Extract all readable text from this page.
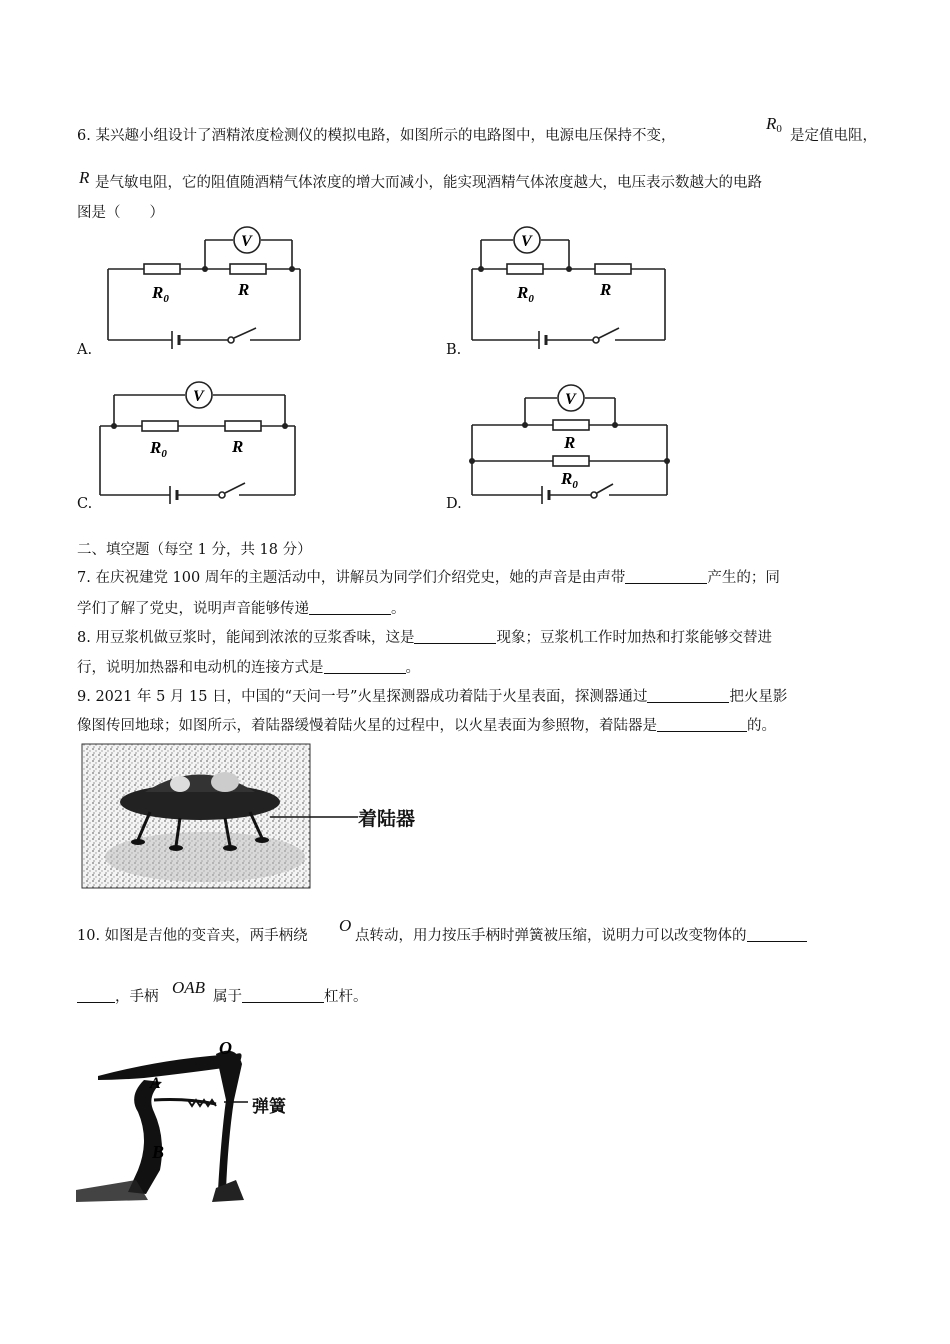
6. 某兴趣小组设计了酒精浓度检测仪的模拟电路，如图所示的电路图中，电源电压保持不变，
$R_0$ 是定值电阻，
R 是气敏电阻，它的阻值随酒精气体浓度的增大而减小，能实现酒精气体浓度越大，电压表示数越大的电路
图是（　　）
V
$R_0$	R
A.
V
$R_0$	R
B.
V
$R_0$	R
C.
V
R
$R_0$
D.
二、填空题（每空 1 分，共 18 分）
7. 在庆祝建党 100 周年的主题活动中，讲解员为同学们介绍党史，她的声音是由声带	产生的；同
学们了解了党史，说明声音能够传递	。
8. 用豆浆机做豆浆时，能闻到浓浓的豆浆香味，这是	现象；豆浆机工作时加热和打浆能够交替进
行，说明加热器和电动机的连接方式是	。
9. 2021 年 5 月 15 日，中国的“天问一号”火星探测器成功着陆于火星表面，探测器通过	把火星影
像图传回地球；如图所示，着陆器缓慢着陆火星的过程中，以火星表面为参照物，着陆器是	的。
着陆器
10. 如图是吉他的变音夹，两手柄绕
O
点转动，用力按压手柄时弹簧被压缩，说明力可以改变物体的
，手柄 OAB 属于	杠杆。
O
A
B
弹簧
